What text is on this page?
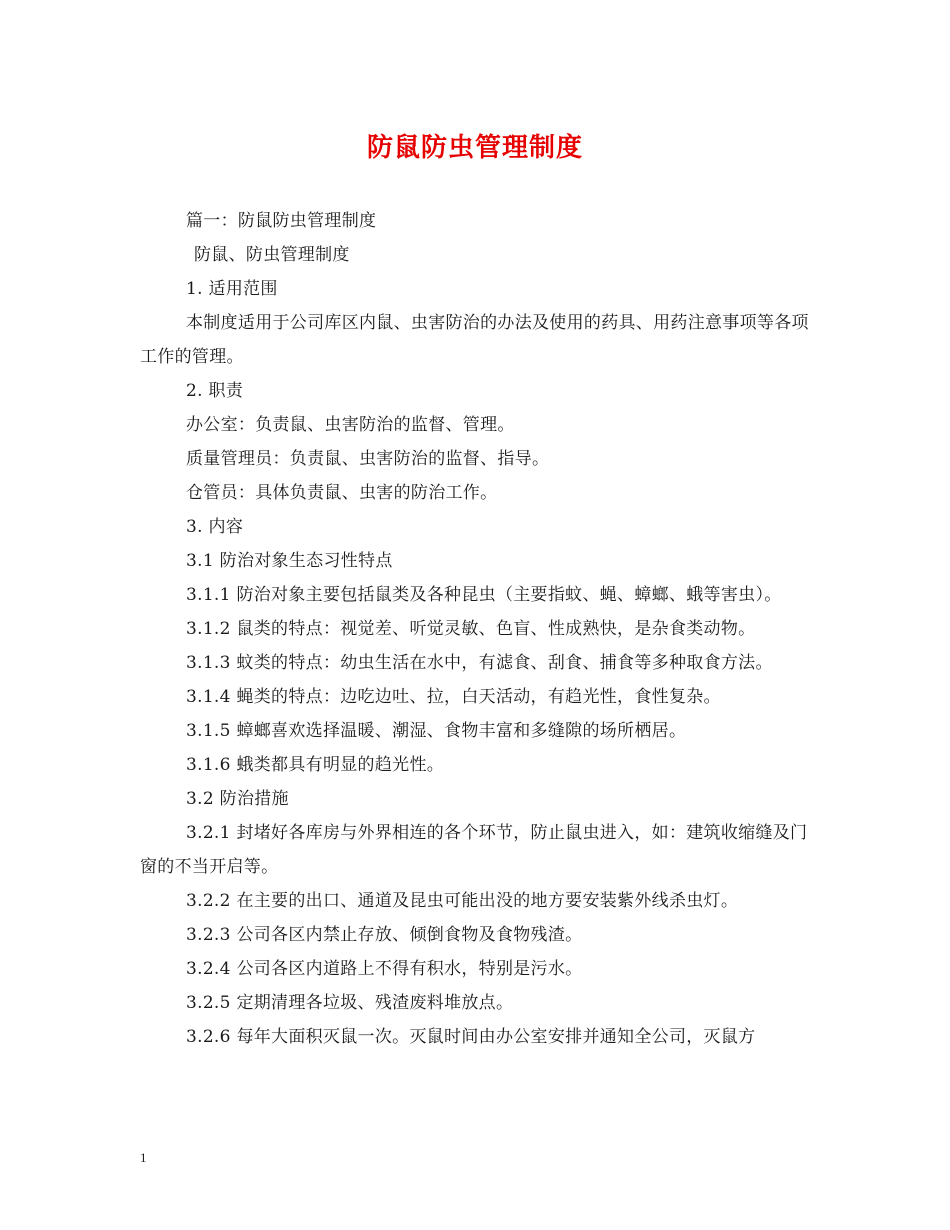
防鼠防虫管理制度

篇一：防鼠防虫管理制度

防鼠、防虫管理制度

1. 适用范围

本制度适用于公司库区内鼠、虫害防治的办法及使用的药具、用药注意事项等各项工作的管理。

2. 职责

办公室：负责鼠、虫害防治的监督、管理。

质量管理员：负责鼠、虫害防治的监督、指导。

仓管员：具体负责鼠、虫害的防治工作。

3. 内容

3.1 防治对象生态习性特点

3.1.1 防治对象主要包括鼠类及各种昆虫（主要指蚊、蝇、蟑螂、蛾等害虫）。

3.1.2 鼠类的特点：视觉差、听觉灵敏、色盲、性成熟快，是杂食类动物。

3.1.3 蚊类的特点：幼虫生活在水中，有滤食、刮食、捕食等多种取食方法。

3.1.4 蝇类的特点：边吃边吐、拉，白天活动，有趋光性，食性复杂。

3.1.5 蟑螂喜欢选择温暖、潮湿、食物丰富和多缝隙的场所栖居。

3.1.6 蛾类都具有明显的趋光性。

3.2 防治措施

3.2.1 封堵好各库房与外界相连的各个环节，防止鼠虫进入，如：建筑收缩缝及门窗的不当开启等。

3.2.2 在主要的出口、通道及昆虫可能出没的地方要安装紫外线杀虫灯。

3.2.3 公司各区内禁止存放、倾倒食物及食物残渣。

3.2.4 公司各区内道路上不得有积水，特别是污水。

3.2.5 定期清理各垃圾、残渣废料堆放点。

3.2.6 每年大面积灭鼠一次。灭鼠时间由办公室安排并通知全公司，灭鼠方

1
